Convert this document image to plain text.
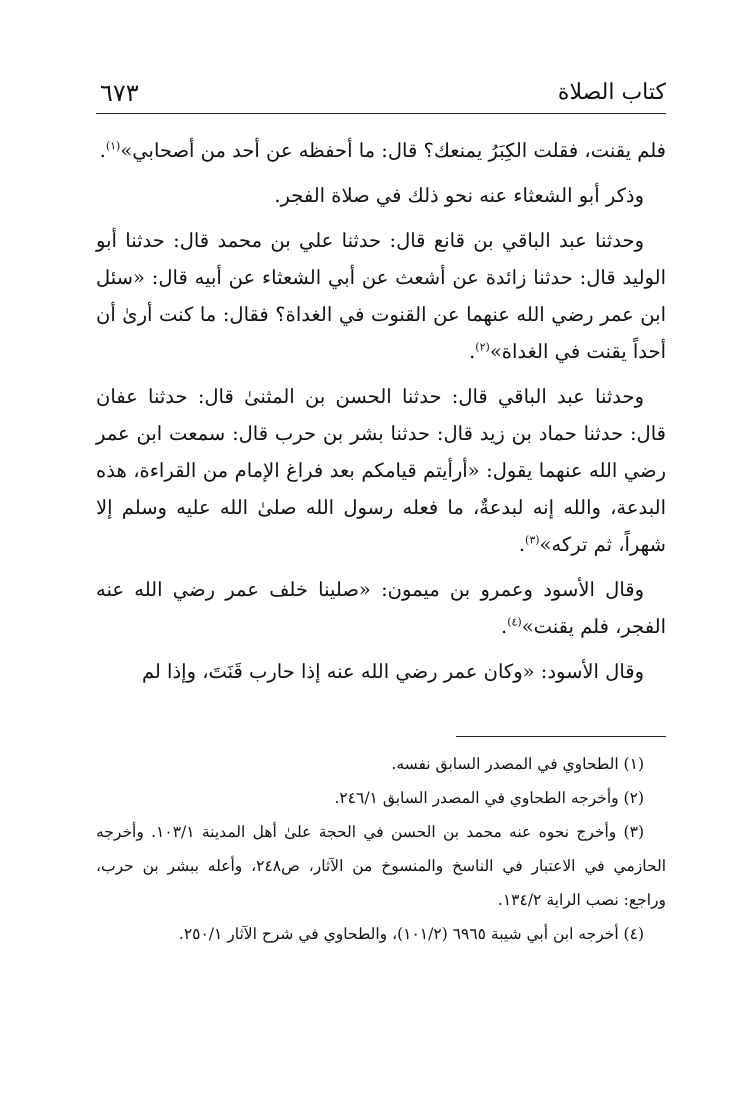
كتاب الصلاة
٦٧٣

فلم يقنت، فقلت الكِبَرُ يمنعك؟ قال: ما أحفظه عن أحد من أصحابي»$^{(١)}$.

وذكر أبو الشعثاء عنه نحو ذلك في صلاة الفجر.

وحدثنا عبد الباقي بن قانع قال: حدثنا علي بن محمد قال: حدثنا أبو الوليد قال: حدثنا زائدة عن أشعث عن أبي الشعثاء عن أبيه قال: «سئل ابن عمر رضي الله عنهما عن القنوت في الغداة؟ فقال: ما كنت أرىٰ أن أحداً يقنت في الغداة»$^{(٢)}$.

وحدثنا عبد الباقي قال: حدثنا الحسن بن المثنىٰ قال: حدثنا عفان قال: حدثنا حماد بن زيد قال: حدثنا بشر بن حرب قال: سمعت ابن عمر رضي الله عنهما يقول: «أرأيتم قيامكم بعد فراغ الإمام من القراءة، هذه البدعة، والله إنه لبدعةٌ، ما فعله رسول الله صلىٰ الله عليه وسلم إلا شهراً، ثم تركه»$^{(٣)}$.

وقال الأسود وعمرو بن ميمون: «صلينا خلف عمر رضي الله عنه الفجر، فلم يقنت»$^{(٤)}$.

وقال الأسود: «وكان عمر رضي الله عنه إذا حارب قَنَتَ، وإذا لم

(١) الطحاوي في المصدر السابق نفسه.

(٢) وأخرجه الطحاوي في المصدر السابق ٢٤٦/١.

(٣) وأخرج نحوه عنه محمد بن الحسن في الحجة علىٰ أهل المدينة ١٠٣/١. وأخرجه الحازمي في الاعتبار في الناسخ والمنسوخ من الآثار، ص٢٤٨، وأعله ببشر بن حرب، وراجع: نصب الراية ١٣٤/٢.

(٤) أخرجه ابن أبي شيبة ٦٩٦٥ (١٠١/٢)، والطحاوي في شرح الآثار ٢٥٠/١.
